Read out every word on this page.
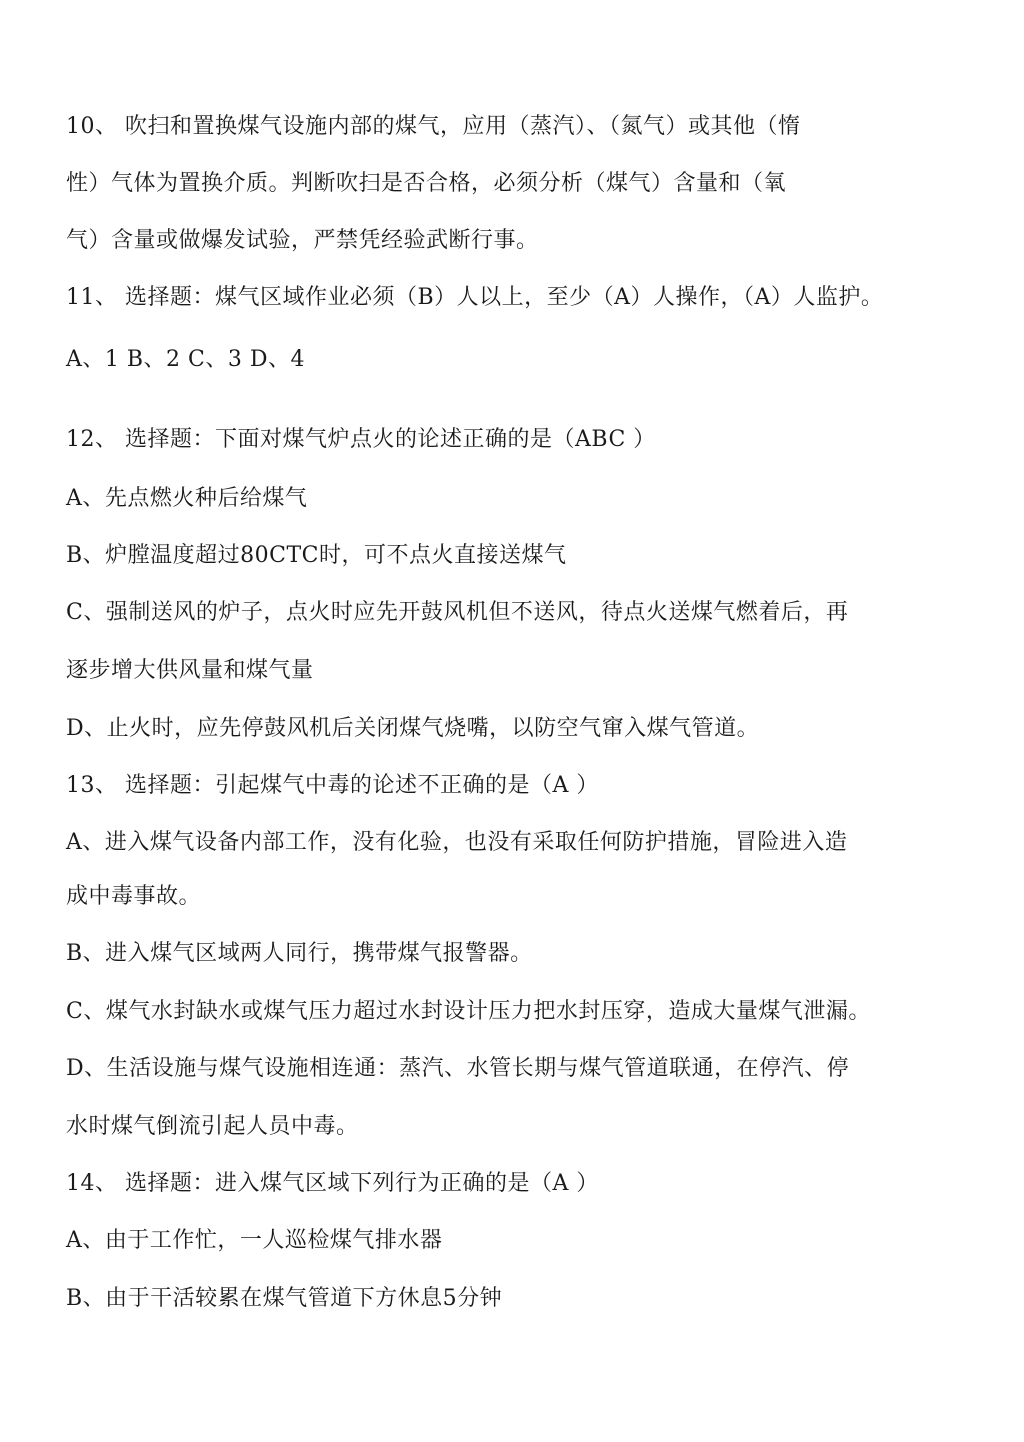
10、 吹扫和置换煤气设施内部的煤气，应用（蒸汽）、（氮气）或其他（惰
性）气体为置换介质。判断吹扫是否合格，必须分析（煤气）含量和（氧
气）含量或做爆发试验，严禁凭经验武断行事。
11、 选择题：煤气区域作业必须（B）人以上，至少（A）人操作，（A）人监护。
A、1 B、2 C、3 D、4
12、 选择题：下面对煤气炉点火的论述正确的是（ABC ）
A、先点燃火种后给煤气
B、炉膛温度超过80CTC时，可不点火直接送煤气
C、强制送风的炉子，点火时应先开鼓风机但不送风，待点火送煤气燃着后，再
逐步增大供风量和煤气量
D、止火时，应先停鼓风机后关闭煤气烧嘴，以防空气窜入煤气管道。
13、 选择题：引起煤气中毒的论述不正确的是（A ）
A、进入煤气设备内部工作，没有化验，也没有采取任何防护措施，冒险进入造
成中毒事故。
B、进入煤气区域两人同行，携带煤气报警器。
C、煤气水封缺水或煤气压力超过水封设计压力把水封压穿，造成大量煤气泄漏。
D、生活设施与煤气设施相连通：蒸汽、水管长期与煤气管道联通，在停汽、停
水时煤气倒流引起人员中毒。
14、 选择题：进入煤气区域下列行为正确的是（A ）
A、由于工作忙，一人巡检煤气排水器
B、由于干活较累在煤气管道下方休息5分钟
